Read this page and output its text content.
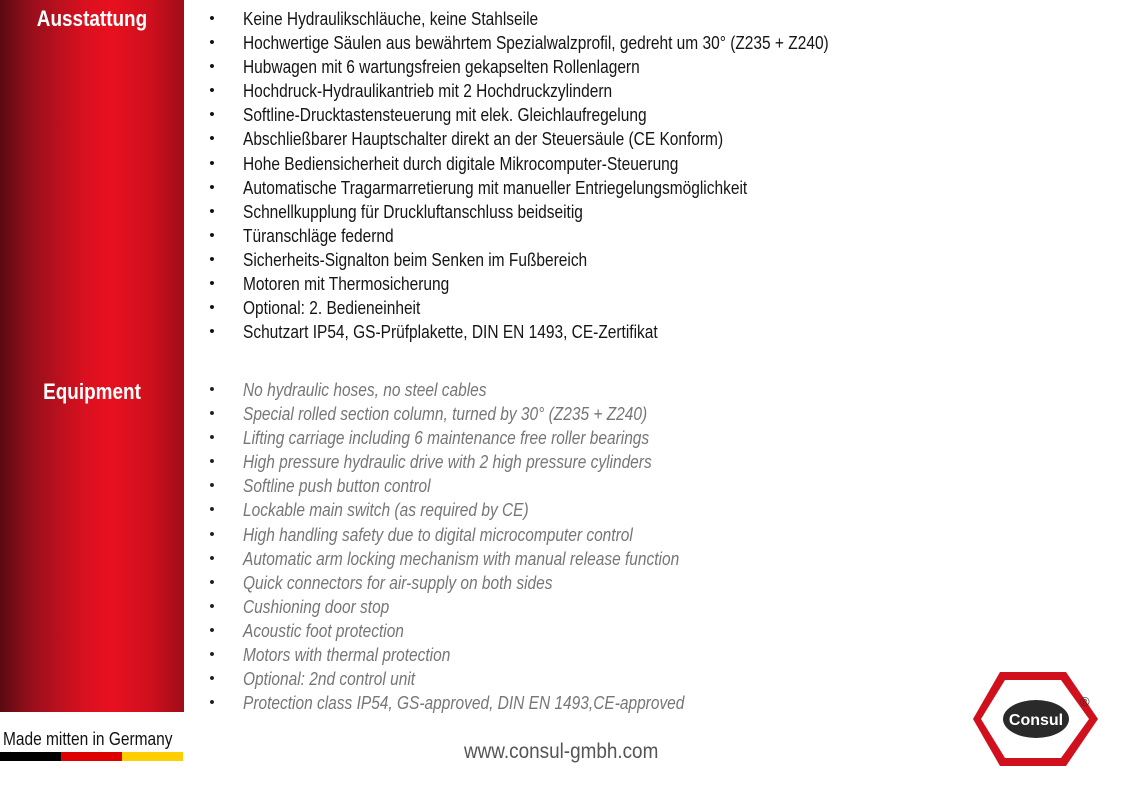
Ausstattung
Equipment
• Keine Hydraulikschläuche, keine Stahlseile
• Hochwertige Säulen aus bewährtem Spezialwalzprofil, gedreht um 30° (Z235 + Z240)
• Hubwagen mit 6 wartungsfreien gekapselten Rollenlagern
• Hochdruck-Hydraulikantrieb mit 2 Hochdruckzylindern
• Softline-Drucktastensteuerung mit elek. Gleichlaufregelung
• Abschließbarer Hauptschalter direkt an der Steuersäule (CE Konform)
• Hohe Bediensicherheit durch digitale Mikrocomputer-Steuerung
• Automatische Tragarmarretierung mit manueller Entriegelungsmöglichkeit
• Schnellkupplung für Druckluftanschluss beidseitig
• Türanschläge federnd
• Sicherheits-Signalton beim Senken im Fußbereich
• Motoren mit Thermosicherung
• Optional: 2. Bedieneinheit
• Schutzart IP54, GS-Prüfplakette, DIN EN 1493, CE-Zertifikat
• No hydraulic hoses, no steel cables
• Special rolled section column, turned by 30° (Z235 + Z240)
• Lifting carriage including 6 maintenance free roller bearings
• High pressure hydraulic drive with 2 high pressure cylinders
• Softline push button control
• Lockable main switch (as required by CE)
• High handling safety due to digital microcomputer control
• Automatic arm locking mechanism with manual release function
• Quick connectors for air-supply on both sides
• Cushioning door stop
• Acoustic foot protection
• Motors with thermal protection
• Optional: 2nd control unit
• Protection class IP54, GS-approved, DIN EN 1493,CE-approved
Made mitten in Germany
www.consul-gmbh.com
Consul
®
